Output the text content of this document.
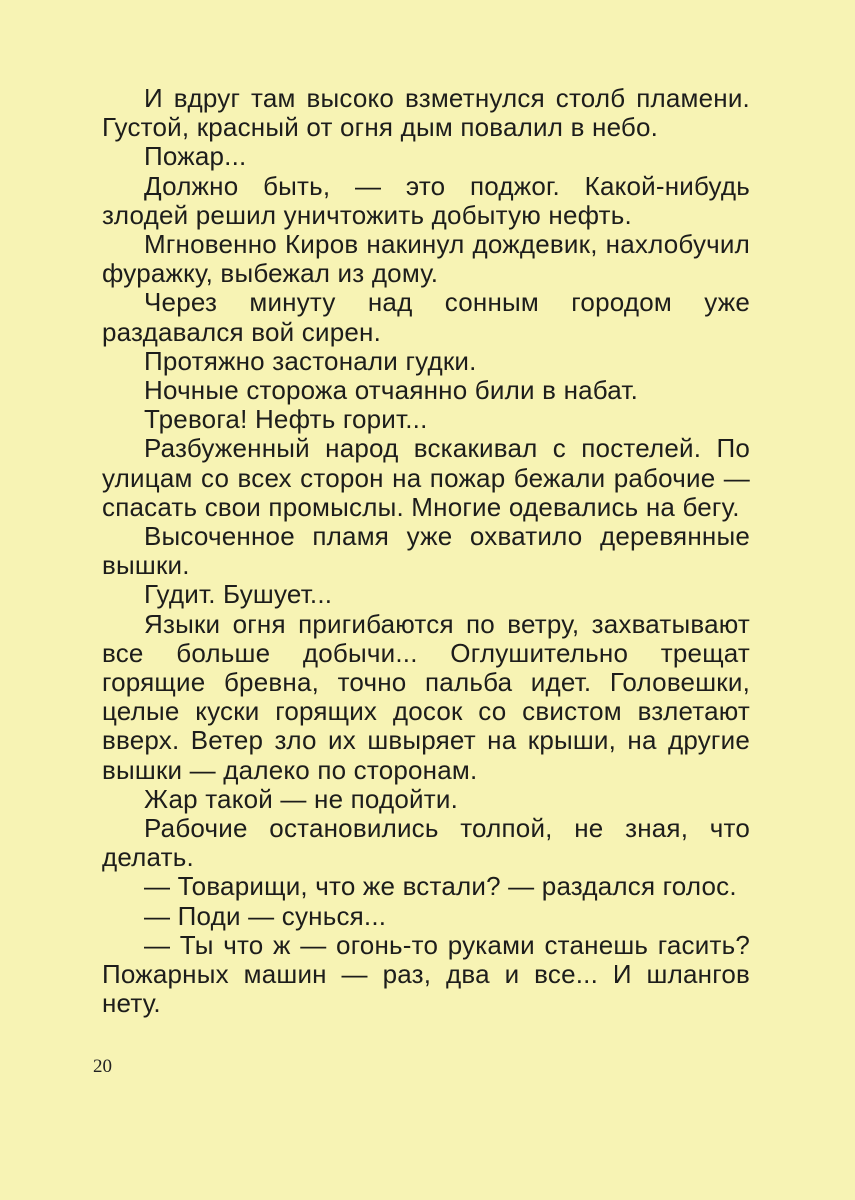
И вдруг там высоко взметнулся столб пламени. Густой, красный от огня дым повалил в небо.

Пожар...

Должно быть, — это поджог. Какой-нибудь злодей решил уничтожить добытую нефть.

Мгновенно Киров накинул дождевик, нахлобучил фуражку, выбежал из дому.

Через минуту над сонным городом уже раздавался вой сирен.

Протяжно застонали гудки.

Ночные сторожа отчаянно били в набат.

Тревога! Нефть горит...

Разбуженный народ вскакивал с постелей. По улицам со всех сторон на пожар бежали рабочие — спасать свои промыслы. Многие одевались на бегу.

Высоченное пламя уже охватило деревянные вышки.

Гудит. Бушует...

Языки огня пригибаются по ветру, захватывают все больше добычи... Оглушительно трещат горящие бревна, точно пальба идет. Головешки, целые куски горящих досок со свистом взлетают вверх. Ветер зло их швыряет на крыши, на другие вышки — далеко по сторонам.

Жар такой — не подойти.

Рабочие остановились толпой, не зная, что делать.

— Товарищи, что же встали? — раздался голос.

— Поди — сунься...

— Ты что ж — огонь-то руками станешь гасить? Пожарных машин — раз, два и все... И шлангов нету.

20
